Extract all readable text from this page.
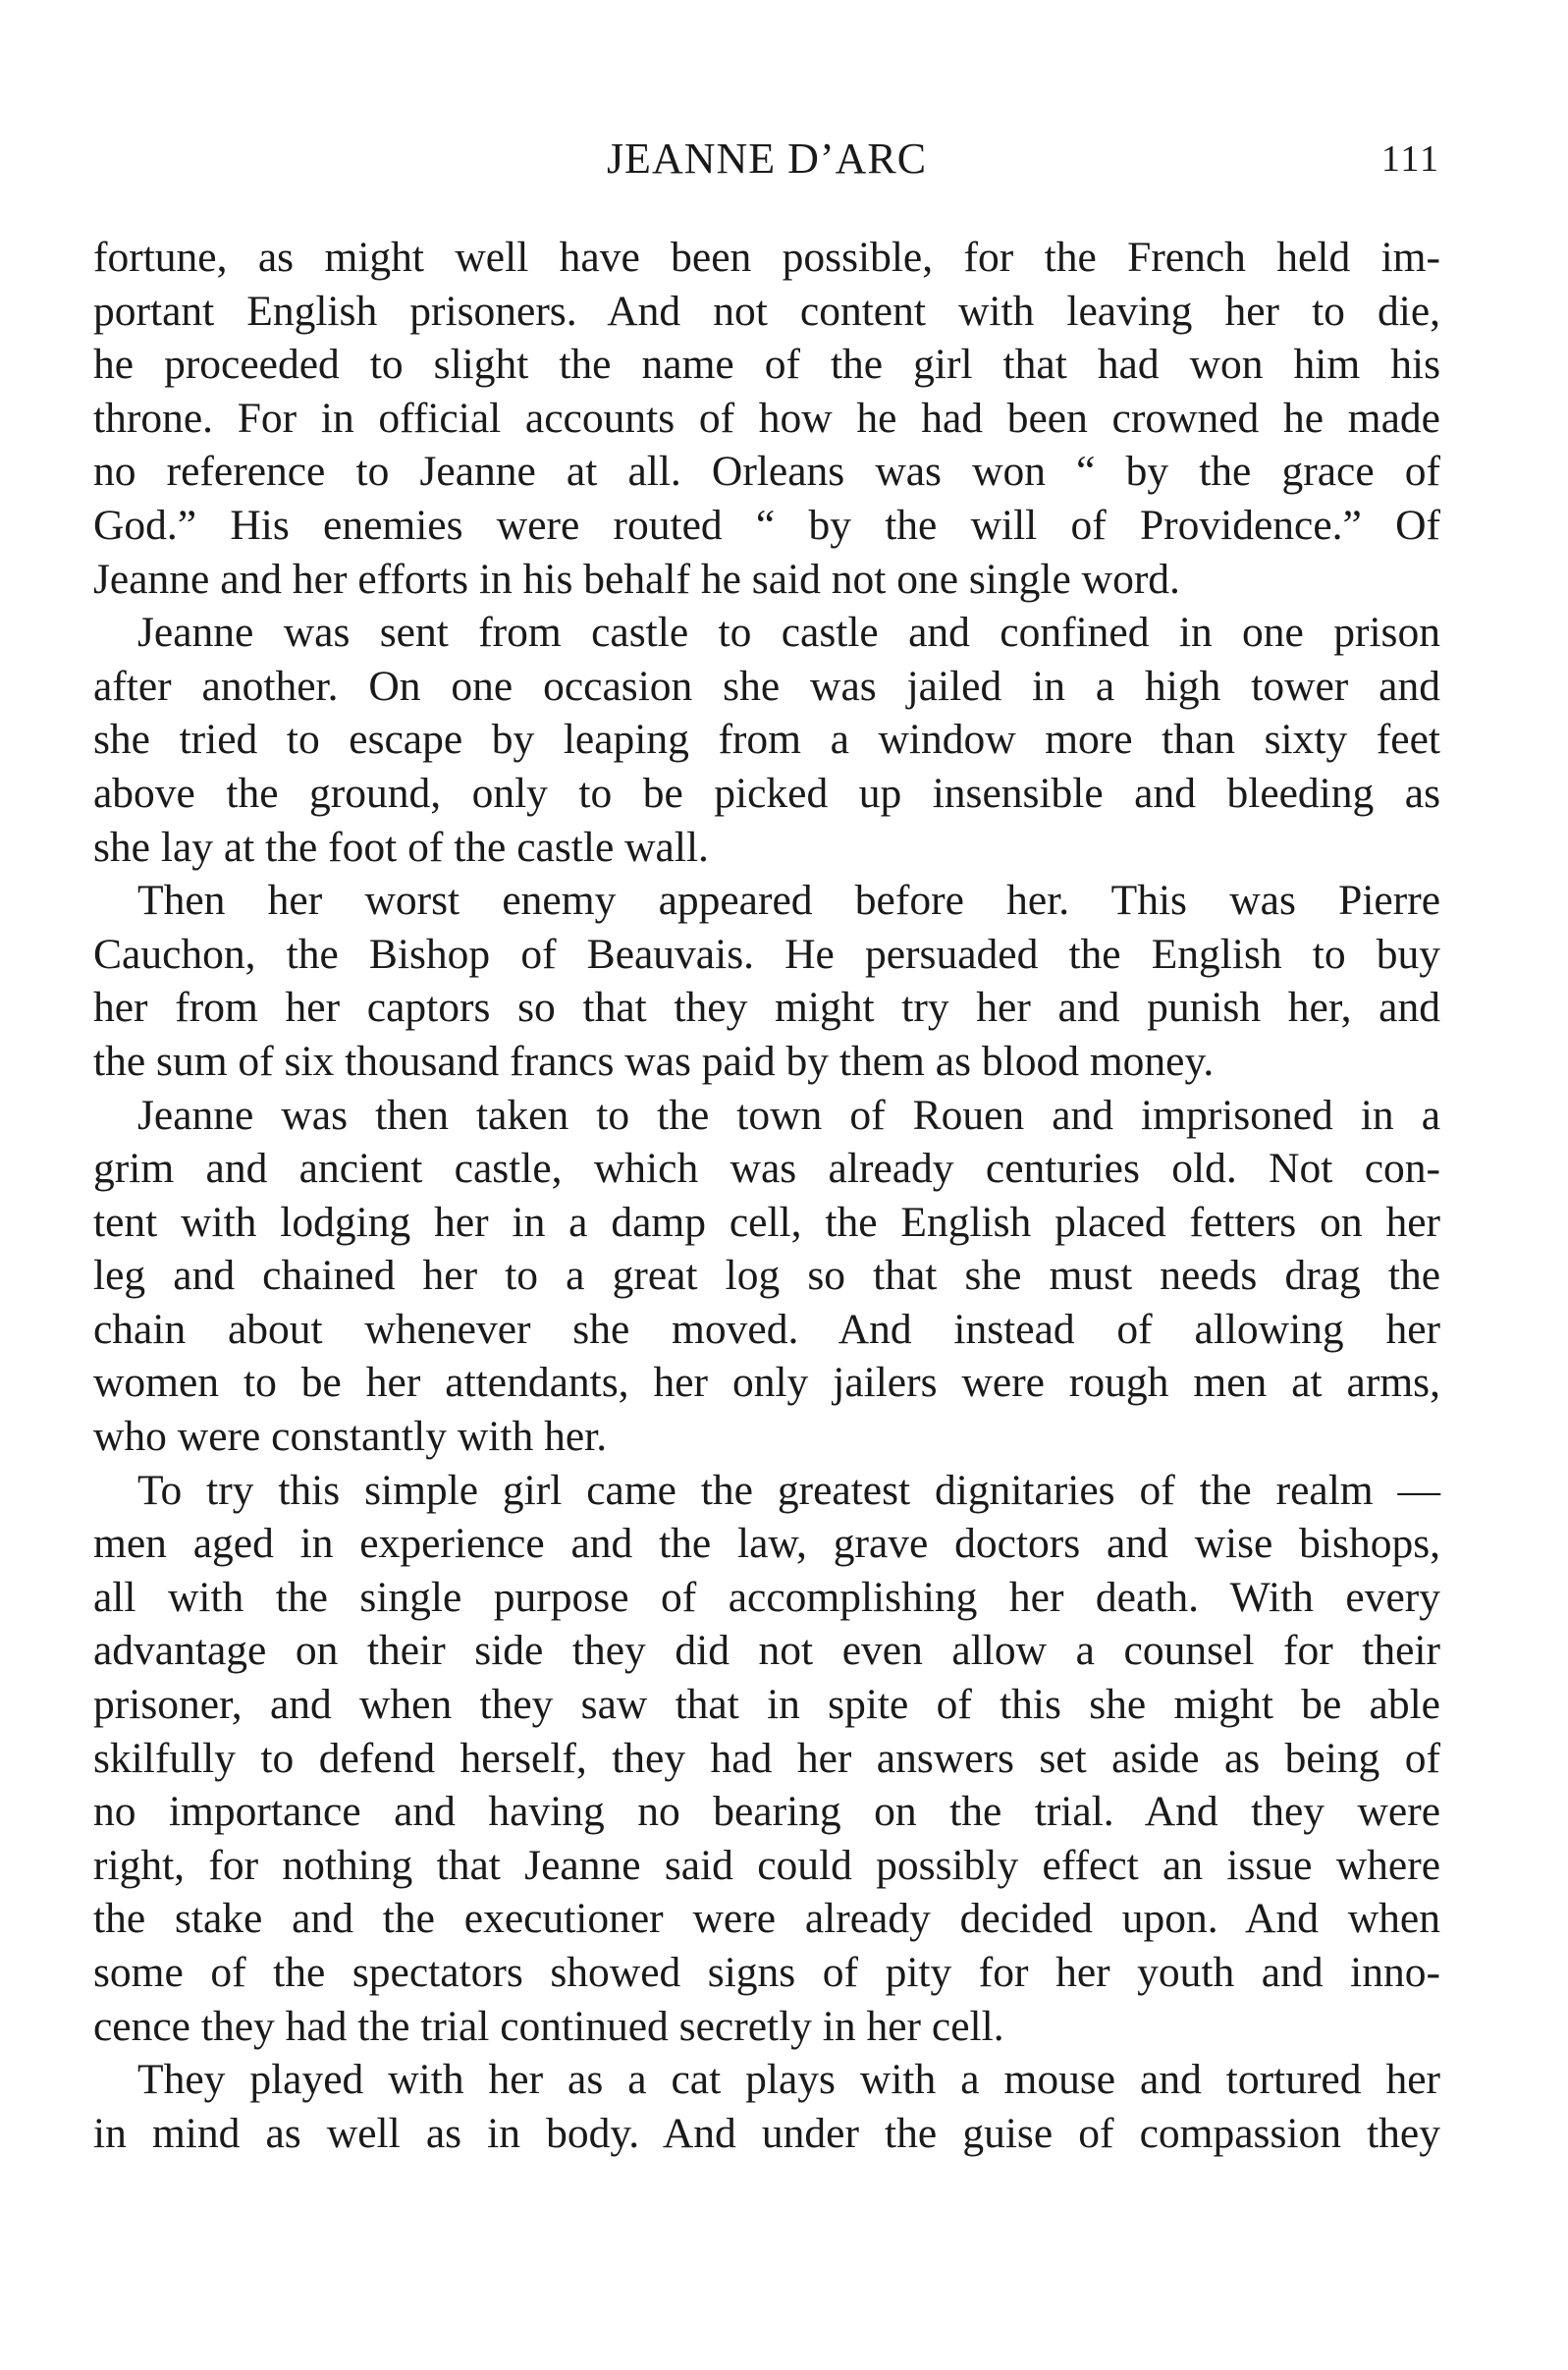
JEANNE D’ARC	111
fortune, as might well have been possible, for the French held im-
portant English prisoners. And not content with leaving her to die,
he proceeded to slight the name of the girl that had won him his
throne. For in official accounts of how he had been crowned he made
no reference to Jeanne at all. Orleans was won “ by the grace of
God.” His enemies were routed “ by the will of Providence.” Of
Jeanne and her efforts in his behalf he said not one single word.
Jeanne was sent from castle to castle and confined in one prison
after another. On one occasion she was jailed in a high tower and
she tried to escape by leaping from a window more than sixty feet
above the ground, only to be picked up insensible and bleeding as
she lay at the foot of the castle wall.
Then her worst enemy appeared before her. This was Pierre
Cauchon, the Bishop of Beauvais. He persuaded the English to buy
her from her captors so that they might try her and punish her, and
the sum of six thousand francs was paid by them as blood money.
Jeanne was then taken to the town of Rouen and imprisoned in a
grim and ancient castle, which was already centuries old. Not con-
tent with lodging her in a damp cell, the English placed fetters on her
leg and chained her to a great log so that she must needs drag the
chain about whenever she moved. And instead of allowing her
women to be her attendants, her only jailers were rough men at arms,
who were constantly with her.
To try this simple girl came the greatest dignitaries of the realm —
men aged in experience and the law, grave doctors and wise bishops,
all with the single purpose of accomplishing her death. With every
advantage on their side they did not even allow a counsel for their
prisoner, and when they saw that in spite of this she might be able
skilfully to defend herself, they had her answers set aside as being of
no importance and having no bearing on the trial. And they were
right, for nothing that Jeanne said could possibly effect an issue where
the stake and the executioner were already decided upon. And when
some of the spectators showed signs of pity for her youth and inno-
cence they had the trial continued secretly in her cell.
They played with her as a cat plays with a mouse and tortured her
in mind as well as in body. And under the guise of compassion they
